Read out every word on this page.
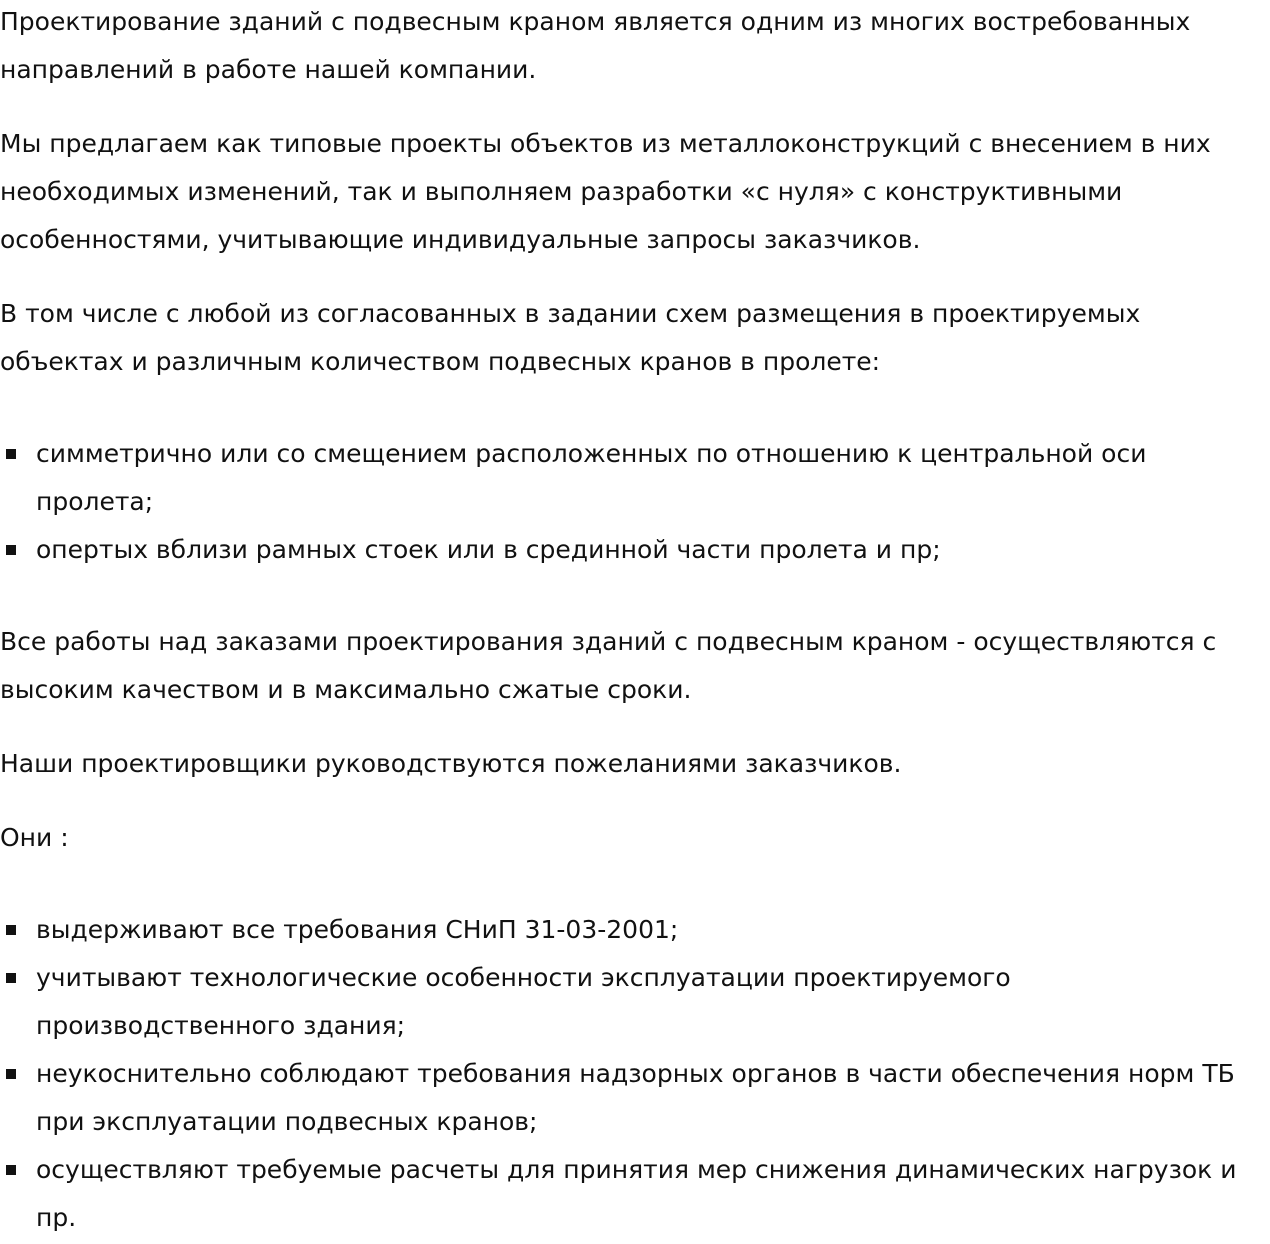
Проектирование зданий с подвесным краном является одним из многих востребованных направлений в работе нашей компании.

Мы предлагаем как типовые проекты объектов из металлоконструкций с внесением в них необходимых изменений, так и выполняем разработки «с нуля» с конструктивными особенностями, учитывающие индивидуальные запросы заказчиков.

В том числе с любой из согласованных в задании схем размещения в проектируемых объектах и различным количеством подвесных кранов в пролете:

симметрично или со смещением расположенных по отношению к центральной оси пролета;
опертых вблизи рамных стоек или в срединной части пролета и пр;

Все работы над заказами проектирования зданий с подвесным краном - осуществляются с высоким качеством и в максимально сжатые сроки.

Наши проектировщики руководствуются пожеланиями заказчиков.

Они :

выдерживают все требования СНиП 31-03-2001;
учитывают технологические особенности эксплуатации проектируемого производственного здания;
неукоснительно соблюдают требования надзорных органов в части обеспечения норм ТБ при эксплуатации подвесных кранов;
осуществляют требуемые расчеты для принятия мер снижения динамических нагрузок и пр.
